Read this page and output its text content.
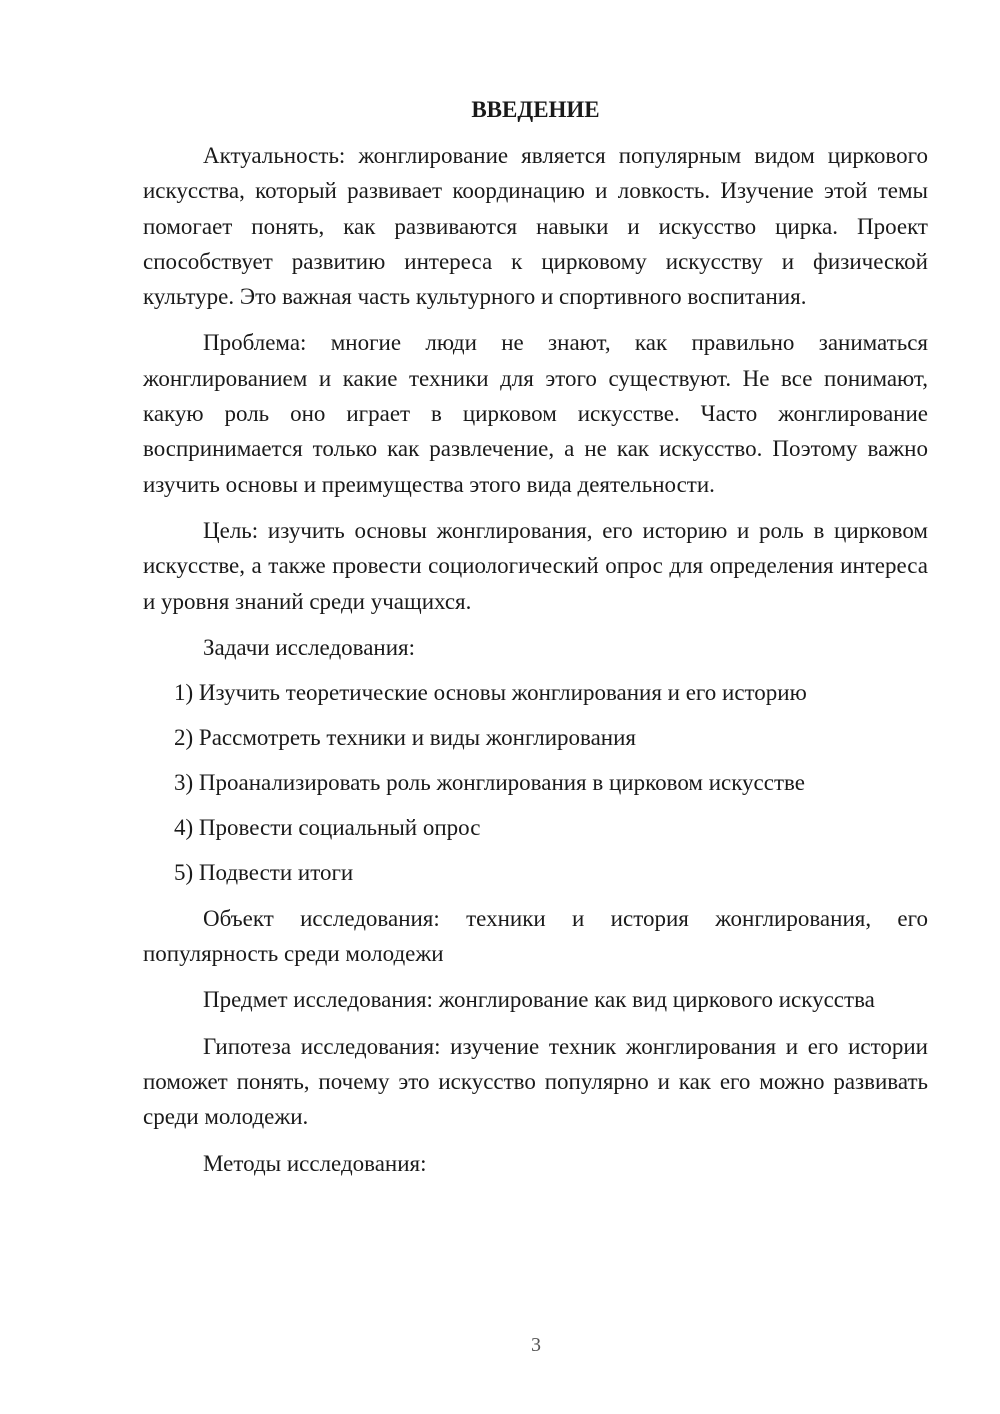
ВВЕДЕНИЕ

Актуальность: жонглирование является популярным видом циркового искусства, который развивает координацию и ловкость. Изучение этой темы помогает понять, как развиваются навыки и искусство цирка. Проект способствует развитию интереса к цирковому искусству и физической культуре. Это важная часть культурного и спортивного воспитания.

Проблема: многие люди не знают, как правильно заниматься жонглированием и какие техники для этого существуют. Не все понимают, какую роль оно играет в цирковом искусстве. Часто жонглирование воспринимается только как развлечение, а не как искусство. Поэтому важно изучить основы и преимущества этого вида деятельности.

Цель: изучить основы жонглирования, его историю и роль в цирковом искусстве, а также провести социологический опрос для определения интереса и уровня знаний среди учащихся.

Задачи исследования:

1) Изучить теоретические основы жонглирования и его историю
2) Рассмотреть техники и виды жонглирования
3) Проанализировать роль жонглирования в цирковом искусстве
4) Провести социальный опрос
5) Подвести итоги

Объект исследования: техники и история жонглирования, его популярность среди молодежи

Предмет исследования: жонглирование как вид циркового искусства

Гипотеза исследования: изучение техник жонглирования и его истории поможет понять, почему это искусство популярно и как его можно развивать среди молодежи.

Методы исследования:

3
